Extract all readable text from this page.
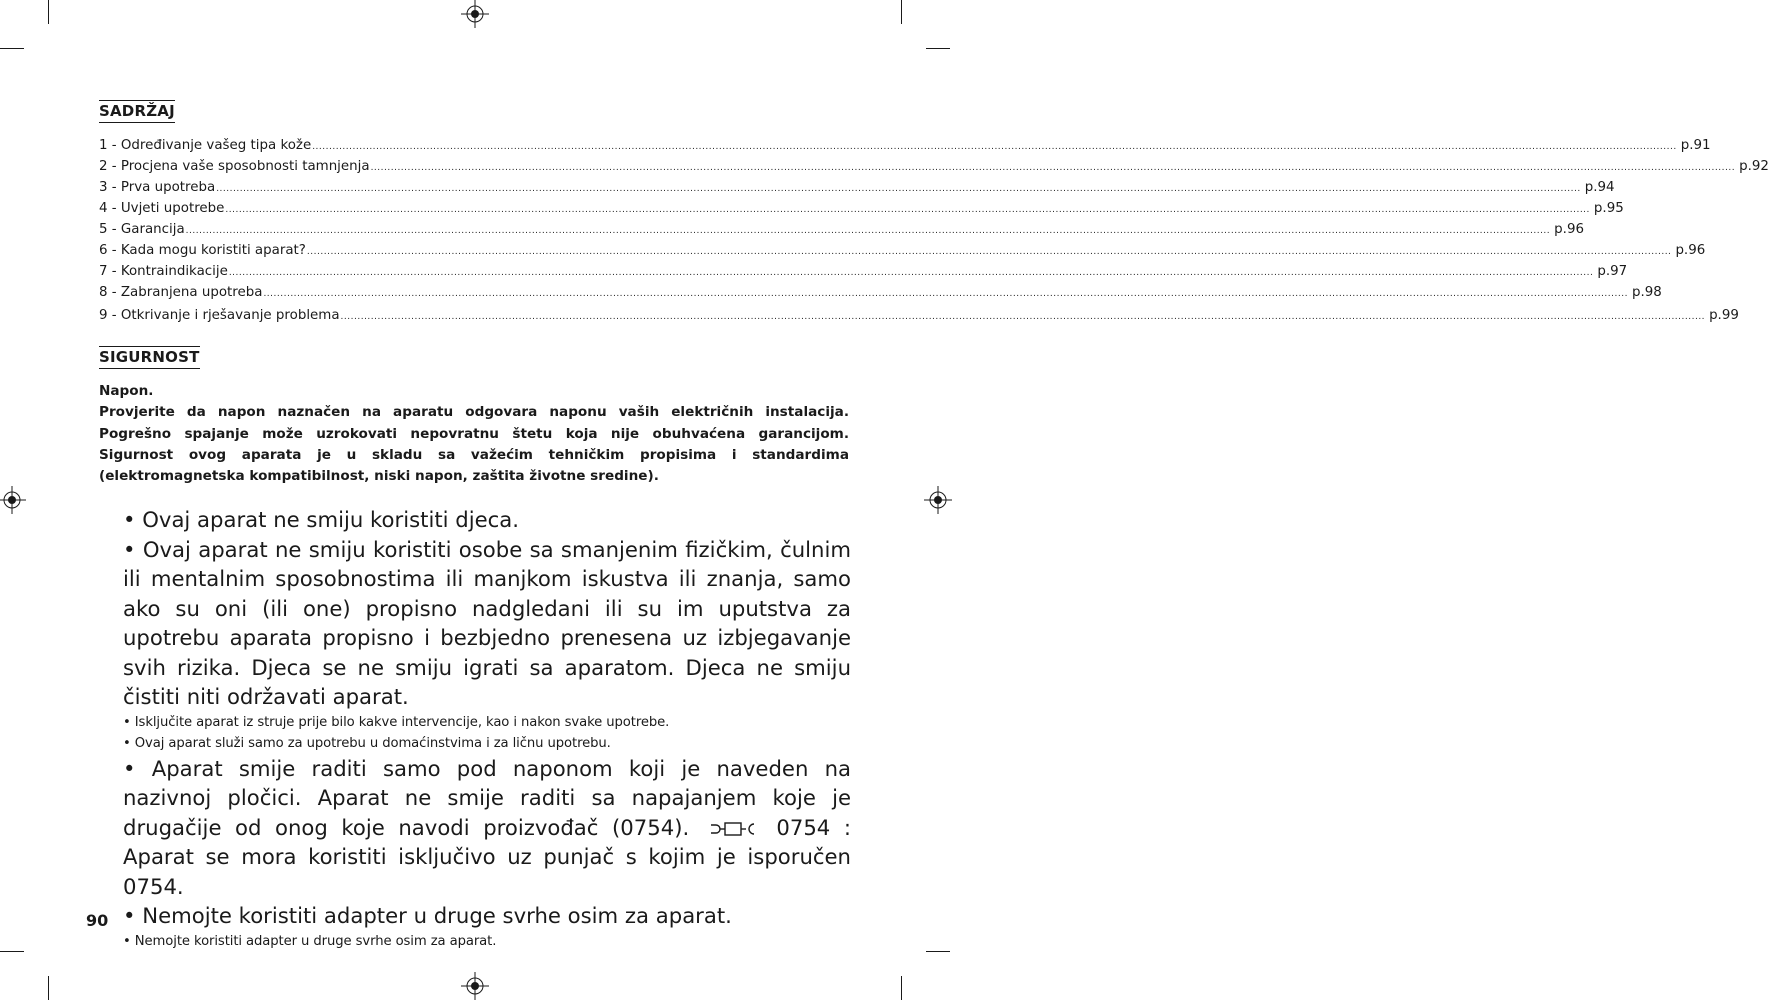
SADRŽAJ
1 - Određivanje vašeg tipa kože ...................................................................................................................................................................................................................................................................................................................................................................................................................... p. 91
2 - Procjena vaše sposobnosti tamnjenja ...................................................................................................................................................................................................................................................................................................................................................................................................................... p. 92
3 - Prva upotreba ...................................................................................................................................................................................................................................................................................................................................................................................................................... p. 94
4 - Uvjeti upotrebe ...................................................................................................................................................................................................................................................................................................................................................................................................................... p. 95
5 - Garancija ...................................................................................................................................................................................................................................................................................................................................................................................................................... p. 96
6 - Kada mogu koristiti aparat? ...................................................................................................................................................................................................................................................................................................................................................................................................................... p. 96
7 - Kontraindikacije ...................................................................................................................................................................................................................................................................................................................................................................................................................... p. 97
8 - Zabranjena upotreba ...................................................................................................................................................................................................................................................................................................................................................................................................................... p. 98
9 - Otkrivanje i rješavanje problema ...................................................................................................................................................................................................................................................................................................................................................................................................................... p. 99
SIGURNOST
Napon.
Provjerite da napon naznačen na aparatu odgovara naponu vaših električnih instalacija. Pogrešno spajanje može uzrokovati nepovratnu štetu koja nije obuhvaćena garancijom. Sigurnost ovog aparata je u skladu sa važećim tehničkim propisima i standardima (elektromagnetska kompatibilnost, niski napon, zaštita životne sredine).

• Ovaj aparat ne smiju koristiti djeca.

• Ovaj aparat ne smiju koristiti osobe sa smanjenim fizičkim, čulnim ili mentalnim sposobnostima ili manjkom iskustva ili znanja, samo ako su oni (ili one) propisno nadgledani ili su im uputstva za upotrebu aparata propisno i bezbjedno prenesena uz izbjegavanje svih rizika. Djeca se ne smiju igrati sa aparatom. Djeca ne smiju čistiti niti održavati aparat.

• Isključite aparat iz struje prije bilo kakve intervencije, kao i nakon svake upotrebe.

• Ovaj aparat služi samo za upotrebu u domaćinstvima i za ličnu upotrebu.

• Aparat smije raditi samo pod naponom koji je naveden na nazivnoj pločici. Aparat ne smije raditi sa napajanjem koje je drugačije od onog koje navodi proizvođač (0754).	0754 : Aparat se mora koristiti isključivo uz punjač s kojim je isporučen 0754.

• Nemojte koristiti adapter u druge svrhe osim za aparat.

• Nemojte koristiti adapter u druge svrhe osim za aparat.

90
